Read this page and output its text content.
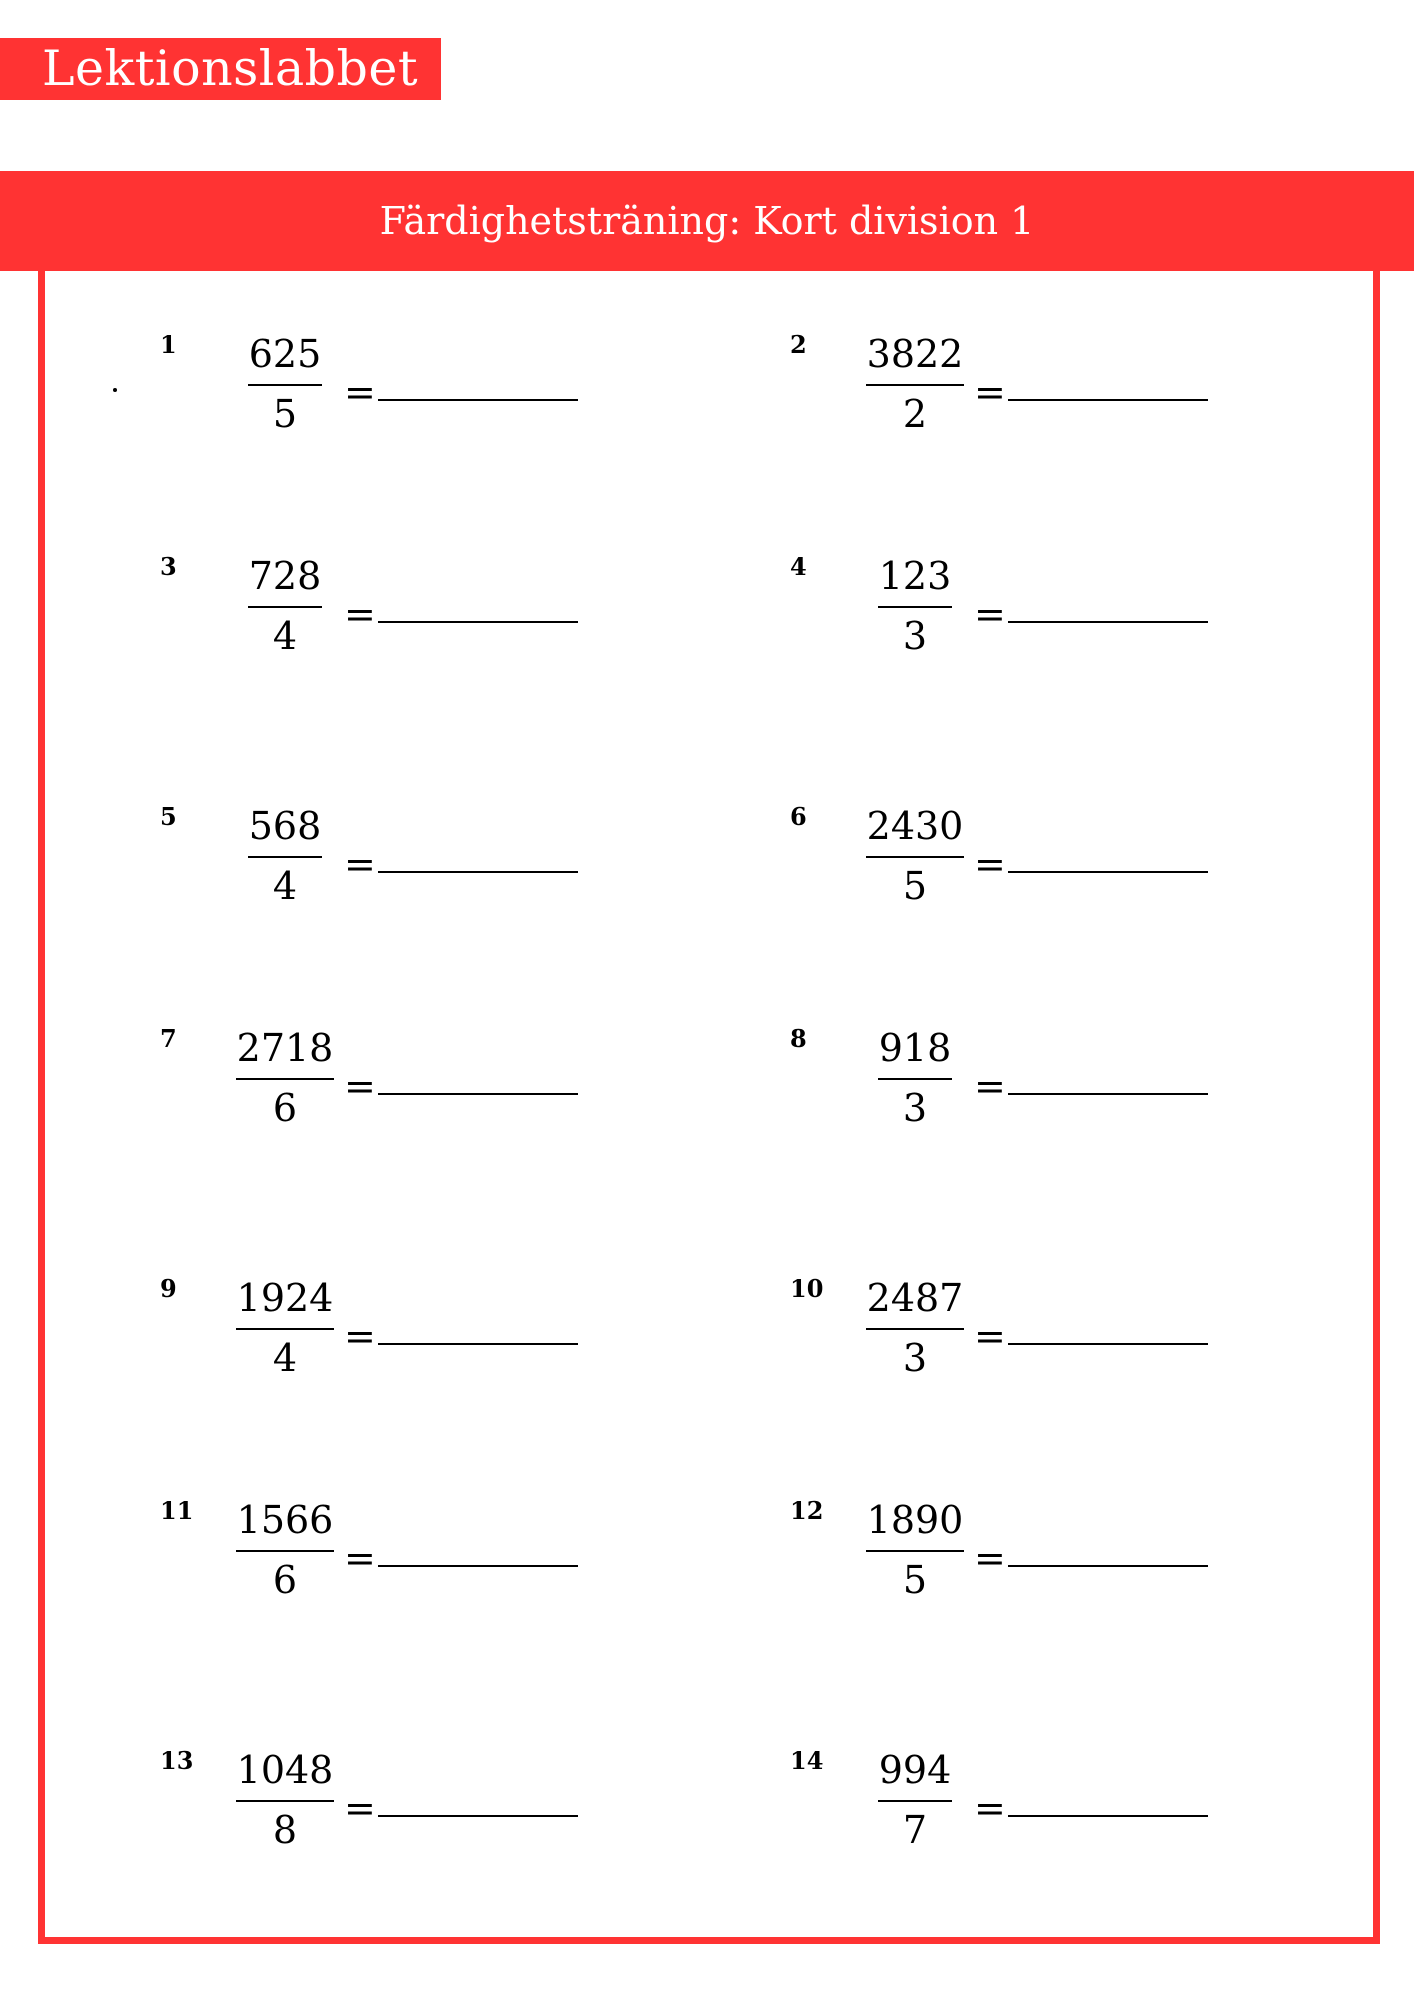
Lektionslabbet
Färdighetsträning: Kort division 1
1	625
5	=
2 3822
2	=
3	728
4	=
4	123
3	=
5	568
4	=
6 2430
5	=
7 2718
6	=
8	918
3	=
9 1924
4	=
10 2487
3	=
11 1566
6	=
12 1890
5	=
13 1048
8	=
14	994
7	=
